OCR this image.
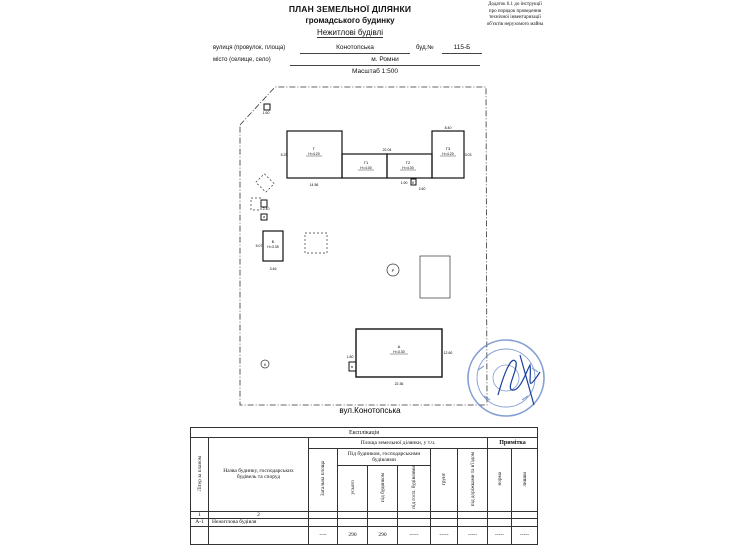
ПЛАН ЗЕМЕЛЬНОЇ ДІЛЯНКИ
громадського будинку
Нежитлові будівлі
Додаток 6.1 до інструкції
про порядок проведення
технічної інвентаризації
об'єктів нерухомого майна
вулиця (провулок, площа)	Конотопська	буд.№	115-Б
місто (селище, село)	м. Ромни
Масштаб 1:500
Г
Н=4.20
Г1
Н=4.00
Г2
Н=4.00
Г3
Н=4.20
Б
Н=3.35
Р
К
А
Н=3.30
14.56
22.04
8.40
5.25	3.03
1.90
2.60
5.07
3.46
22.36
12.60
1.80
1.60
2.40
а
б
в
вул.Конотопська
Експлікація									
Літер за планом	Назва будинку, господарських будівель та споруд	Площа земельної ділянки, у т.ч.						Примітка	
		Загальна площа	Під будинком, господарськими будівлями			грунт	під доріжками та в'їздом	норма	лишки
			усього	під будинком	під госп. будівлями				
1	2								
А-1	Нежитлова будівля								
		----	290	290	-----	-----	-----	-----	-----
